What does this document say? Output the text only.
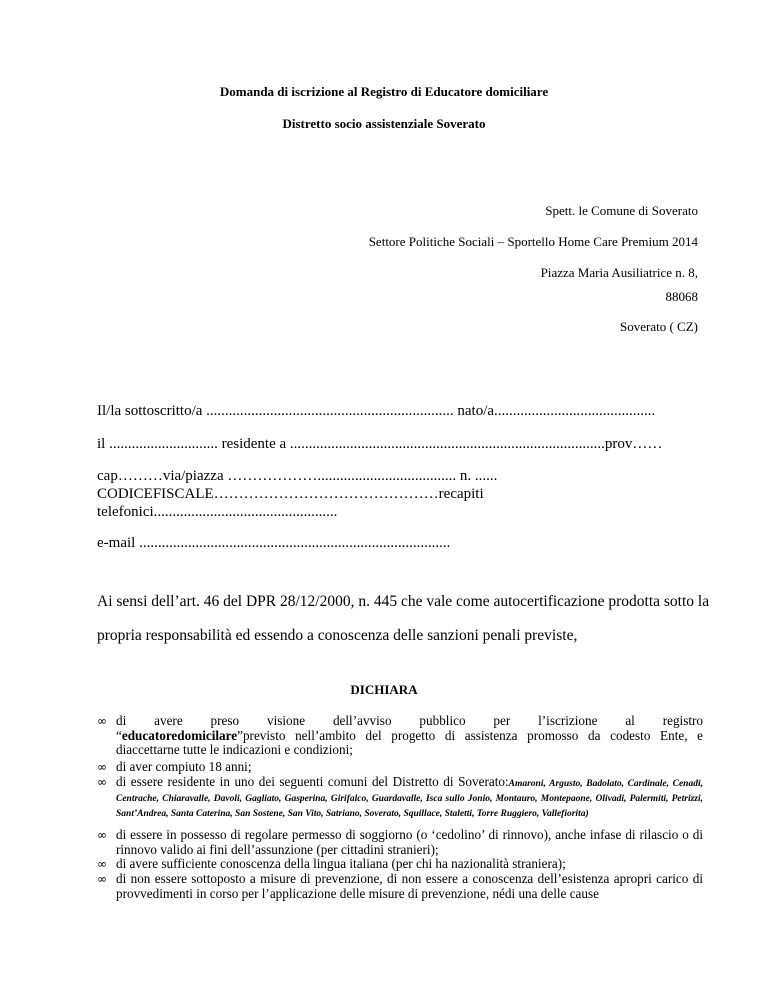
Domanda di iscrizione al Registro di Educatore domiciliare
Distretto socio assistenziale Soverato
Spett. le Comune di Soverato
Settore Politiche Sociali – Sportello Home Care Premium 2014
Piazza Maria Ausiliatrice n. 8,
88068
Soverato ( CZ)
Il/la sottoscritto/a .................................................................. nato/a...........................................
il ............................. residente a ....................................................................................prov……
cap………via/piazza ………………..................................... n. ......
CODICEFISCALE………………………………………recapiti
telefonici.................................................
e-mail ...................................................................................
Ai sensi dell’art. 46 del DPR 28/12/2000, n. 445 che vale come autocertificazione prodotta sotto la
propria responsabilità ed essendo a conoscenza delle sanzioni penali previste,
DICHIARA
∞ di avere preso visione dell’avviso pubblico per l’iscrizione al registro
“educatoredomicilare”previsto nell’ambito del progetto di assistenza promosso da codesto Ente, e diaccettarne tutte le indicazioni e condizioni;
∞ di aver compiuto 18 anni;
∞ di essere residente in uno dei seguenti comuni del Distretto di Soverato:Amaroni, Argusto, Badolato, Cardinale, Cenadi, Centrache, Chiaravalle, Davoli, Gagliato, Gasperina, Girifalco, Guardavalle, Isca sullo Jonio, Montauro, Montepaone, Olivadi, Palermiti, Petrizzi, Sant’Andrea, Santa Caterina, San Sostene, San Vito, Satriano, Soverato, Squillace, Staletti, Torre Ruggiero, Vallefiorita)
∞ di essere in possesso di regolare permesso di soggiorno (o ‘cedolino’ di rinnovo), anche infase di rilascio o di rinnovo valido ai fini dell’assunzione (per cittadini stranieri);
∞ di avere sufficiente conoscenza della lingua italiana (per chi ha nazionalità straniera);
∞ di non essere sottoposto a misure di prevenzione, di non essere a conoscenza dell’esistenza apropri carico di provvedimenti in corso per l’applicazione delle misure di prevenzione, nédi una delle cause
